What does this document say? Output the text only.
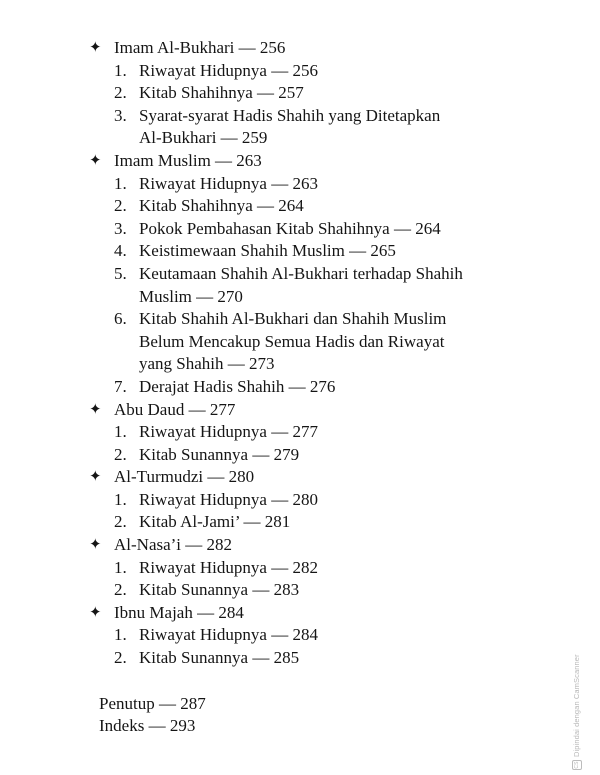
✦ Imam Al-Bukhari — 256
1. Riwayat Hidupnya — 256
2. Kitab Shahihnya — 257
3. Syarat-syarat Hadis Shahih yang Ditetapkan
Al-Bukhari — 259
✦ Imam Muslim — 263
1. Riwayat Hidupnya — 263
2. Kitab Shahihnya — 264
3. Pokok Pembahasan Kitab Shahihnya — 264
4. Keistimewaan Shahih Muslim — 265
5. Keutamaan Shahih Al-Bukhari terhadap Shahih
Muslim — 270
6. Kitab Shahih Al-Bukhari dan Shahih Muslim
Belum Mencakup Semua Hadis dan Riwayat
yang Shahih — 273
7. Derajat Hadis Shahih — 276
✦ Abu Daud — 277
1. Riwayat Hidupnya — 277
2. Kitab Sunannya — 279
✦ Al-Turmudzi — 280
1. Riwayat Hidupnya — 280
2. Kitab Al-Jami’ — 281
✦ Al-Nasa’i — 282
1. Riwayat Hidupnya — 282
2. Kitab Sunannya — 283
✦ Ibnu Majah — 284
1. Riwayat Hidupnya — 284
2. Kitab Sunannya — 285
Penutup — 287
Indeks — 293
CSDipindai dengan CamScanner
